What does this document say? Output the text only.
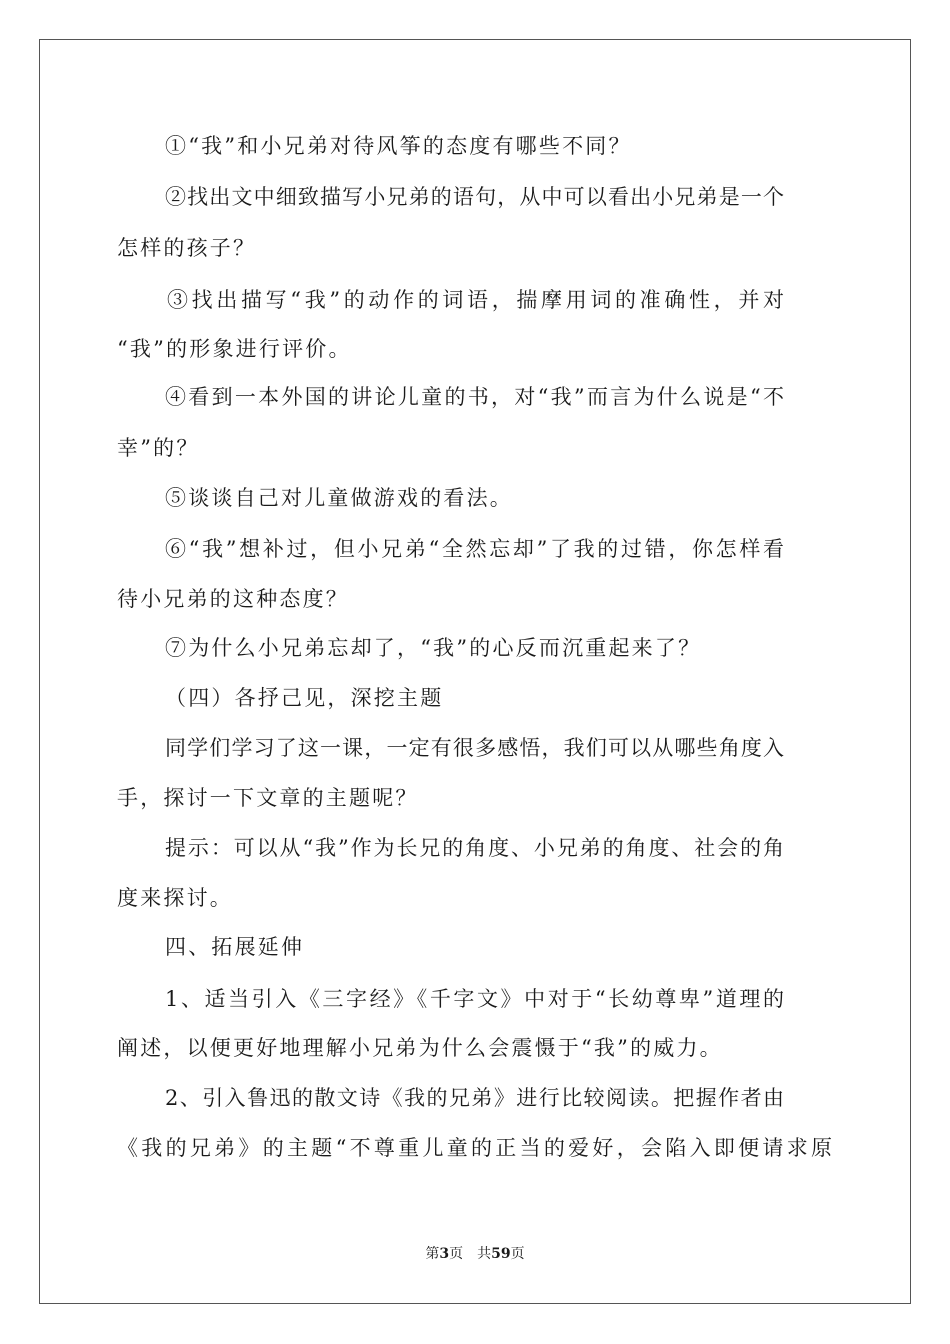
①“我”和小兄弟对待风筝的态度有哪些不同？
②找出文中细致描写小兄弟的语句，从中可以看出小兄弟是一个
怎样的孩子？
③找出描写“我”的动作的词语，揣摩用词的准确性，并对
“我”的形象进行评价。
④看到一本外国的讲论儿童的书，对“我”而言为什么说是“不
幸”的？
⑤谈谈自己对儿童做游戏的看法。
⑥“我”想补过，但小兄弟“全然忘却”了我的过错，你怎样看
待小兄弟的这种态度？
⑦为什么小兄弟忘却了，“我”的心反而沉重起来了？
（四）各抒己见，深挖主题
同学们学习了这一课，一定有很多感悟，我们可以从哪些角度入
手，探讨一下文章的主题呢？
提示：可以从“我”作为长兄的角度、小兄弟的角度、社会的角
度来探讨。
四、拓展延伸
1、适当引入《三字经》《千字文》中对于“长幼尊卑”道理的
阐述，以便更好地理解小兄弟为什么会震慑于“我”的威力。
2、引入鲁迅的散文诗《我的兄弟》进行比较阅读。把握作者由
《我的兄弟》的主题“不尊重儿童的正当的爱好，会陷入即便请求原
第3页　共59页
